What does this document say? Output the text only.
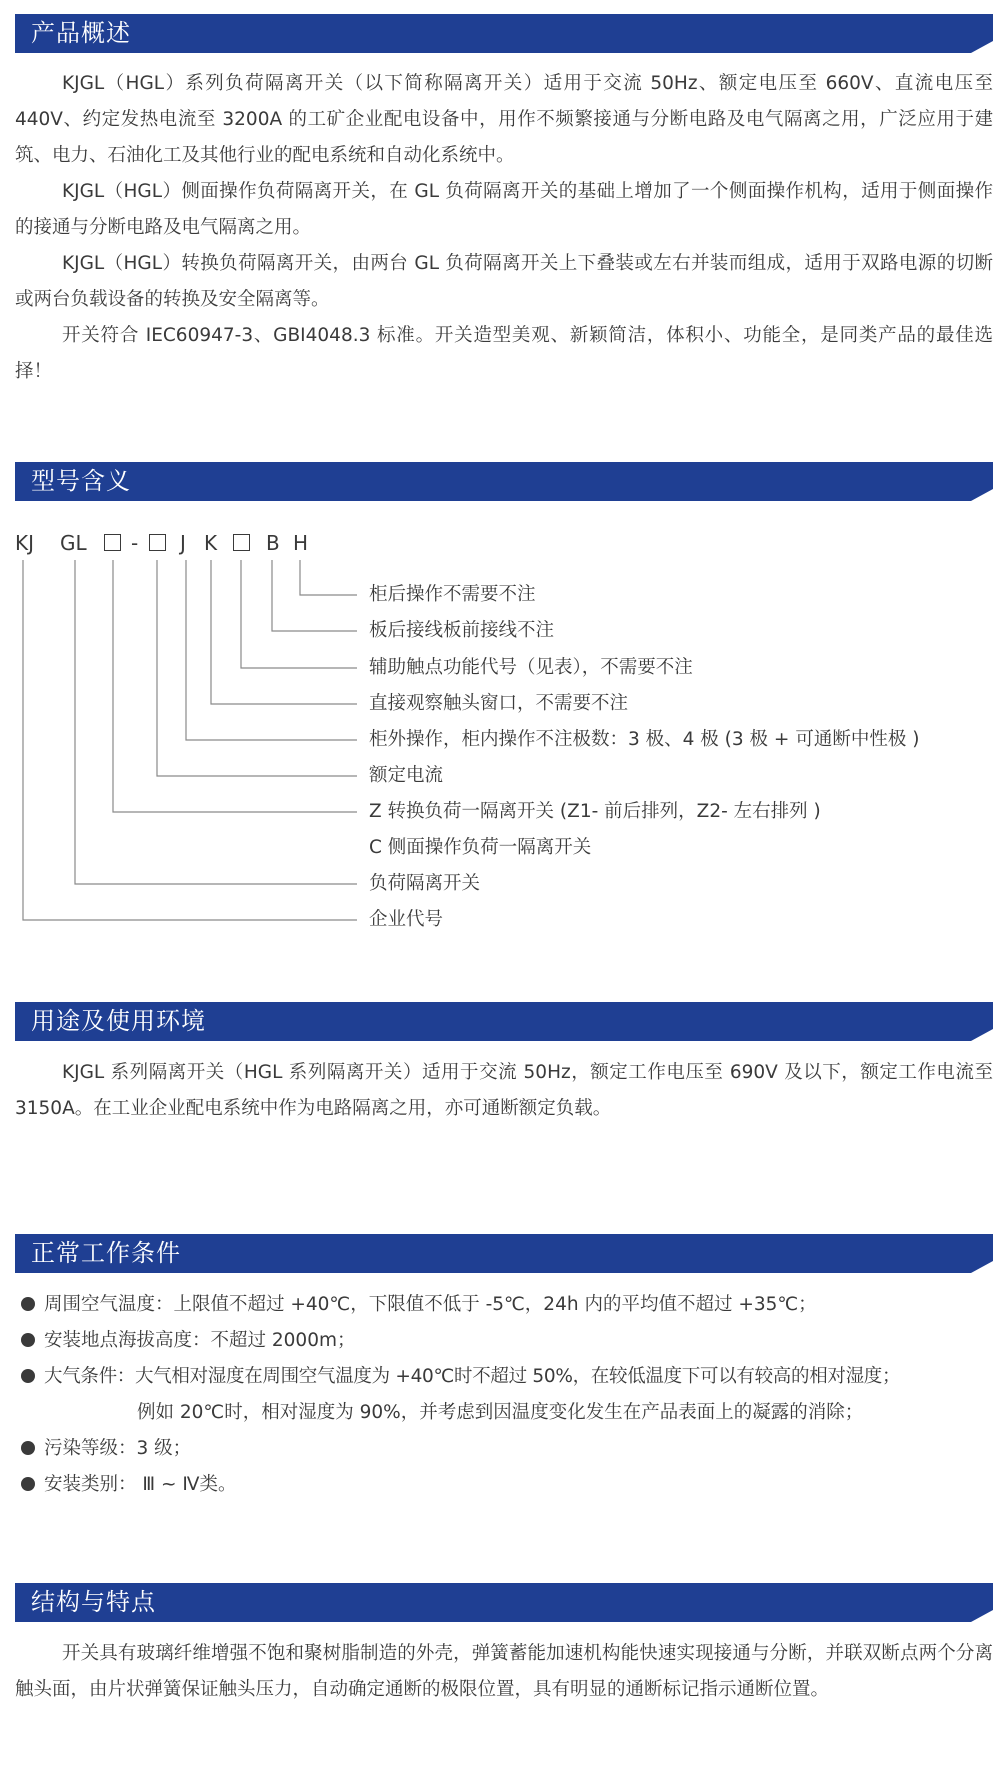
产品概述

KJGL（HGL）系列负荷隔离开关（以下简称隔离开关）适用于交流 50Hz、额定电压至 660V、直流电压至 440V、约定发热电流至 3200A 的工矿企业配电设备中，用作不频繁接通与分断电路及电气隔离之用，广泛应用于建筑、电力、石油化工及其他行业的配电系统和自动化系统中。

KJGL（HGL）侧面操作负荷隔离开关，在 GL 负荷隔离开关的基础上增加了一个侧面操作机构，适用于侧面操作的接通与分断电路及电气隔离之用。

KJGL（HGL）转换负荷隔离开关，由两台 GL 负荷隔离开关上下叠装或左右并装而组成，适用于双路电源的切断或两台负载设备的转换及安全隔离等。

开关符合 IEC60947-3、GBI4048.3 标准。开关造型美观、新颖简洁，体积小、功能全，是同类产品的最佳选择！

型号含义
KJ GL - J K B H
柜后操作不需要不注
板后接线板前接线不注
辅助触点功能代号（见表），不需要不注
直接观察触头窗口，不需要不注
柜外操作，柜内操作不注极数：3 极、4 极 (3 极 + 可通断中性极 )
额定电流
Z 转换负荷一隔离开关 (Z1- 前后排列，Z2- 左右排列 )
C 侧面操作负荷一隔离开关
负荷隔离开关
企业代号
用途及使用环境

KJGL 系列隔离开关（HGL 系列隔离开关）适用于交流 50Hz，额定工作电压至 690V 及以下，额定工作电流至 3150A。在工业企业配电系统中作为电路隔离之用，亦可通断额定负载。

正常工作条件
周围空气温度：上限值不超过 +40℃，下限值不低于 -5℃，24h 内的平均值不超过 +35℃；
安装地点海拔高度：不超过 2000m；
大气条件：大气相对湿度在周围空气温度为 +40℃时不超过 50%，在较低温度下可以有较高的相对湿度；
例如 20℃时，相对湿度为 90%，并考虑到因温度变化发生在产品表面上的凝露的消除；
污染等级：3 级；
安装类别： Ⅲ ~ Ⅳ类。
结构与特点

开关具有玻璃纤维增强不饱和聚树脂制造的外壳，弹簧蓄能加速机构能快速实现接通与分断，并联双断点两个分离触头面，由片状弹簧保证触头压力，自动确定通断的极限位置，具有明显的通断标记指示通断位置。
